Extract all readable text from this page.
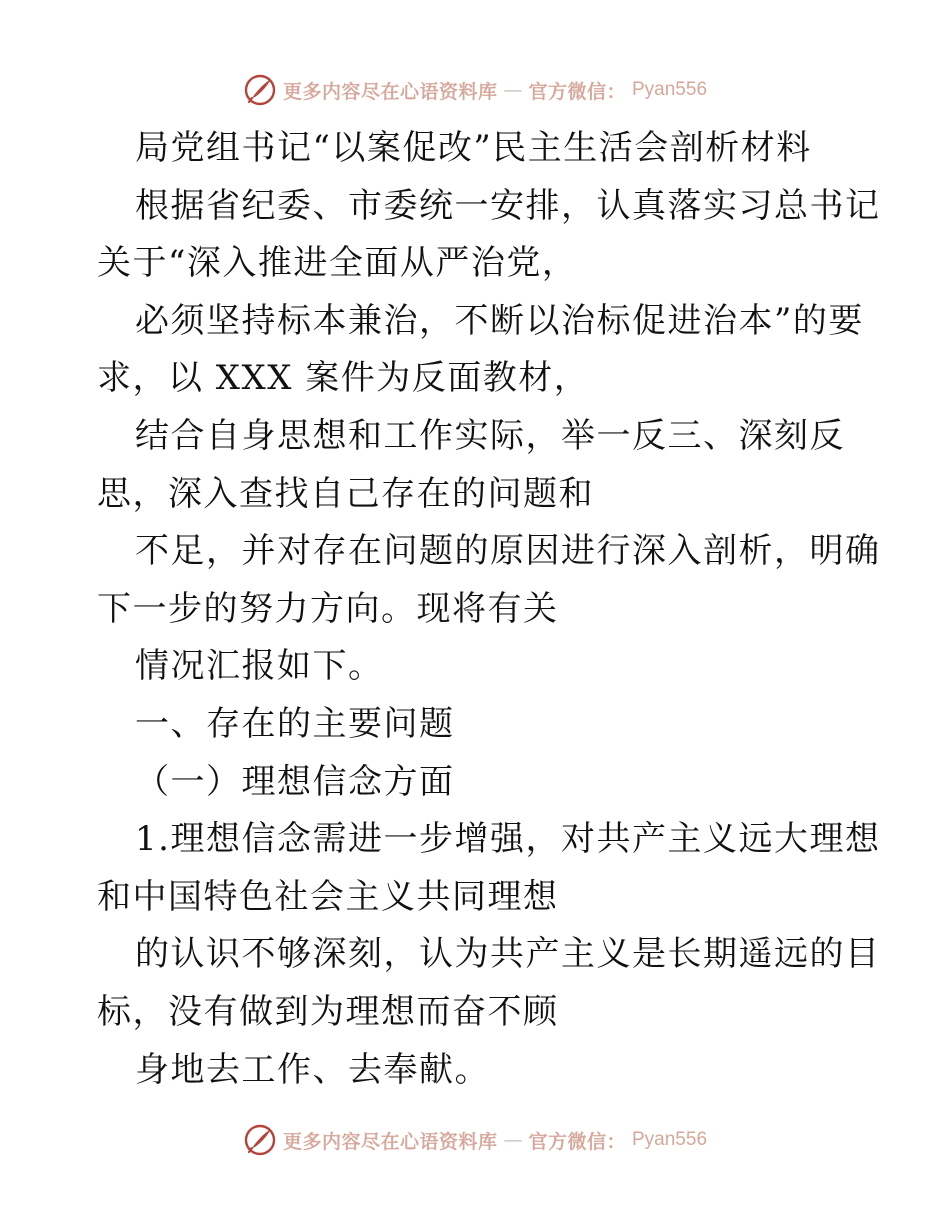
更多内容尽在心语资料库 — 官方微信： Pyan556
局党组书记“以案促改”民主生活会剖析材料
根据省纪委、市委统一安排，认真落实习总书记
关于“深入推进全面从严治党，
必须坚持标本兼治，不断以治标促进治本”的要
求，以 XXX 案件为反面教材，
结合自身思想和工作实际，举一反三、深刻反
思，深入查找自己存在的问题和
不足，并对存在问题的原因进行深入剖析，明确
下一步的努力方向。现将有关
情况汇报如下。
一、存在的主要问题
（一）理想信念方面
1.理想信念需进一步增强，对共产主义远大理想
和中国特色社会主义共同理想
的认识不够深刻，认为共产主义是长期遥远的目
标，没有做到为理想而奋不顾
身地去工作、去奉献。
更多内容尽在心语资料库 — 官方微信： Pyan556
